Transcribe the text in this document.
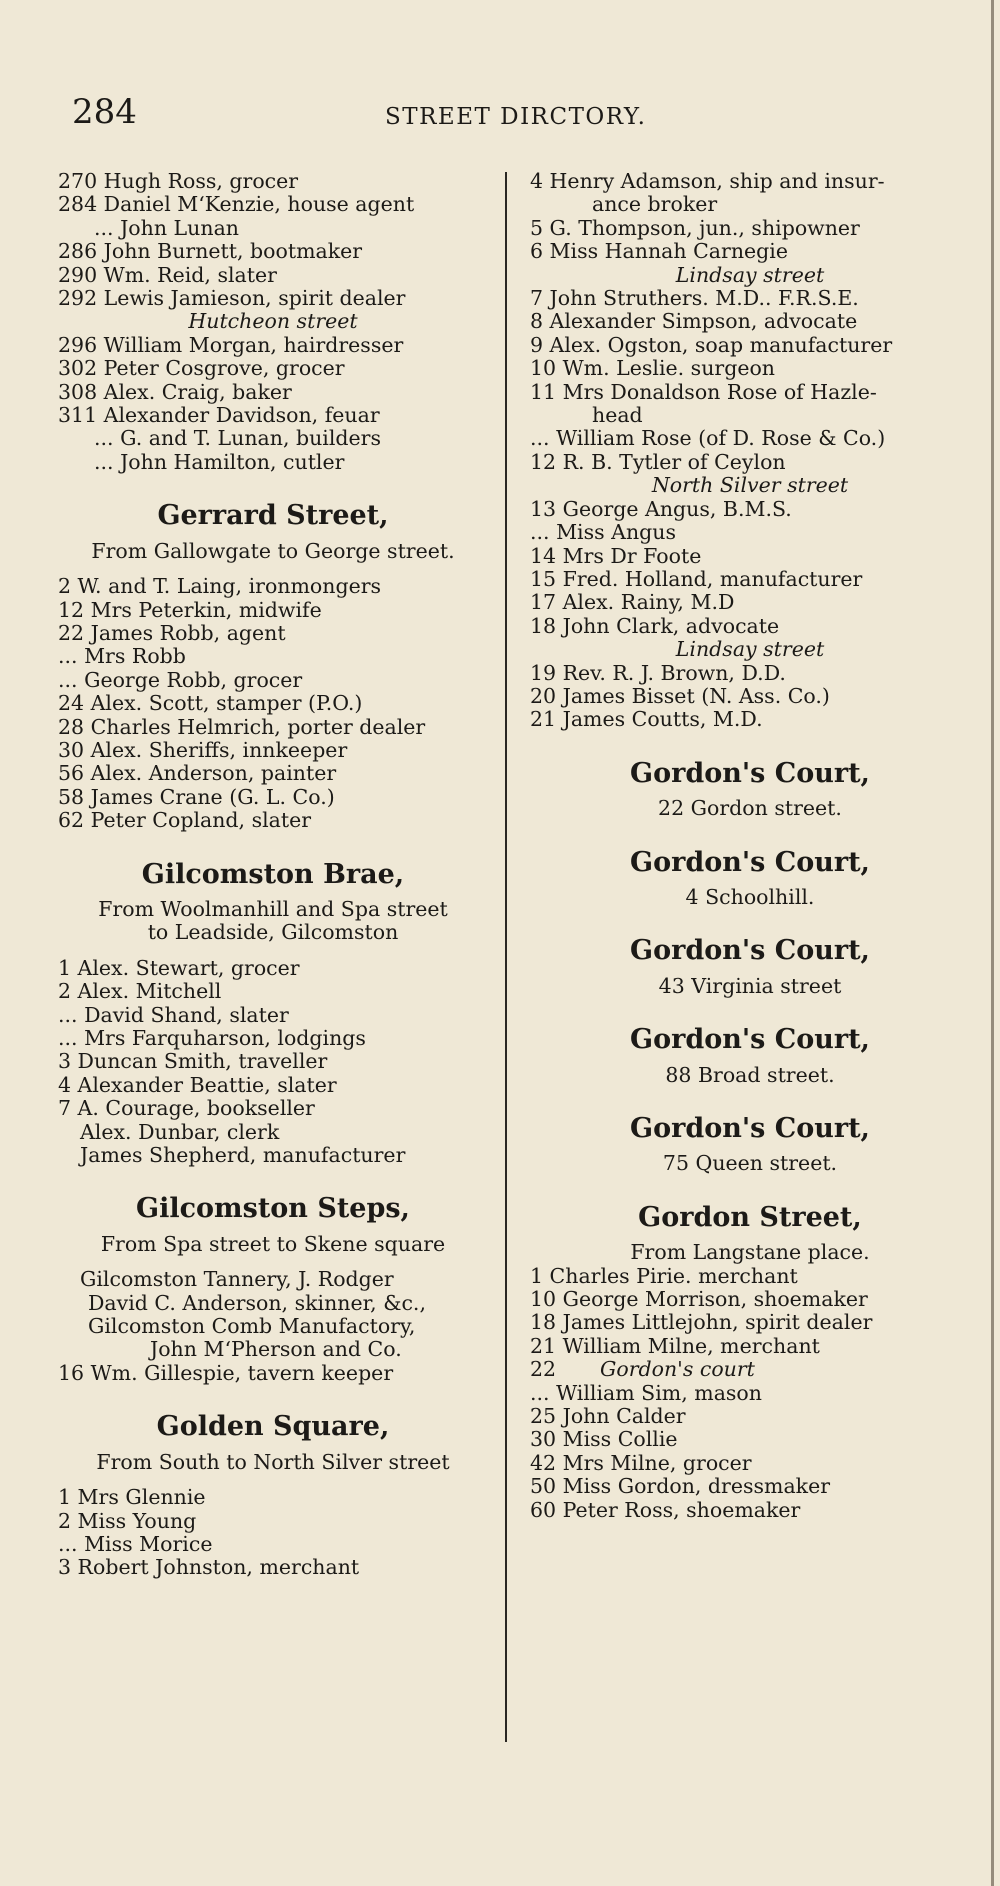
284	STREET DIRCTORY.
270 Hugh Ross, grocer
284 Daniel M‘Kenzie, house agent
... John Lunan
286 John Burnett, bootmaker
290 Wm. Reid, slater
292 Lewis Jamieson, spirit dealer
Hutcheon street
296 William Morgan, hairdresser
302 Peter Cosgrove, grocer
308 Alex. Craig, baker
311 Alexander Davidson, feuar
... G. and T. Lunan, builders
... John Hamilton, cutler
Gerrard Street,
From Gallowgate to George street.
2 W. and T. Laing, ironmongers
12 Mrs Peterkin, midwife
22 James Robb, agent
... Mrs Robb
... George Robb, grocer
24 Alex. Scott, stamper (P.O.)
28 Charles Helmrich, porter dealer
30 Alex. Sheriffs, innkeeper
56 Alex. Anderson, painter
58 James Crane (G. L. Co.)
62 Peter Copland, slater
Gilcomston Brae,
From Woolmanhill and Spa street
to Leadside, Gilcomston
1 Alex. Stewart, grocer
2 Alex. Mitchell
... David Shand, slater
... Mrs Farquharson, lodgings
3 Duncan Smith, traveller
4 Alexander Beattie, slater
7 A. Courage, bookseller
Alex. Dunbar, clerk
James Shepherd, manufacturer
Gilcomston Steps,
From Spa street to Skene square
Gilcomston Tannery, J. Rodger
David C. Anderson, skinner, &c.,
Gilcomston Comb Manufactory,
John M‘Pherson and Co.
16 Wm. Gillespie, tavern keeper
Golden Square,
From South to North Silver street
1 Mrs Glennie
2 Miss Young
... Miss Morice
3 Robert Johnston, merchant
4 Henry Adamson, ship and insur-
ance broker
5 G. Thompson, jun., shipowner
6 Miss Hannah Carnegie
Lindsay street
7 John Struthers. M.D.. F.R.S.E.
8 Alexander Simpson, advocate
9 Alex. Ogston, soap manufacturer
10 Wm. Leslie. surgeon
11 Mrs Donaldson Rose of Hazle-
head
... William Rose (of D. Rose & Co.)
12 R. B. Tytler of Ceylon
North Silver street
13 George Angus, B.M.S.
... Miss Angus
14 Mrs Dr Foote
15 Fred. Holland, manufacturer
17 Alex. Rainy, M.D
18 John Clark, advocate
Lindsay street
19 Rev. R. J. Brown, D.D.
20 James Bisset (N. Ass. Co.)
21 James Coutts, M.D.
Gordon's Court,
22 Gordon street.
Gordon's Court,
4 Schoolhill.
Gordon's Court,
43 Virginia street
Gordon's Court,
88 Broad street.
Gordon's Court,
75 Queen street.
Gordon Street,
From Langstane place.
1 Charles Pirie. merchant
10 George Morrison, shoemaker
18 James Littlejohn, spirit dealer
21 William Milne, merchant
22 Gordon's court
... William Sim, mason
25 John Calder
30 Miss Collie
42 Mrs Milne, grocer
50 Miss Gordon, dressmaker
60 Peter Ross, shoemaker
